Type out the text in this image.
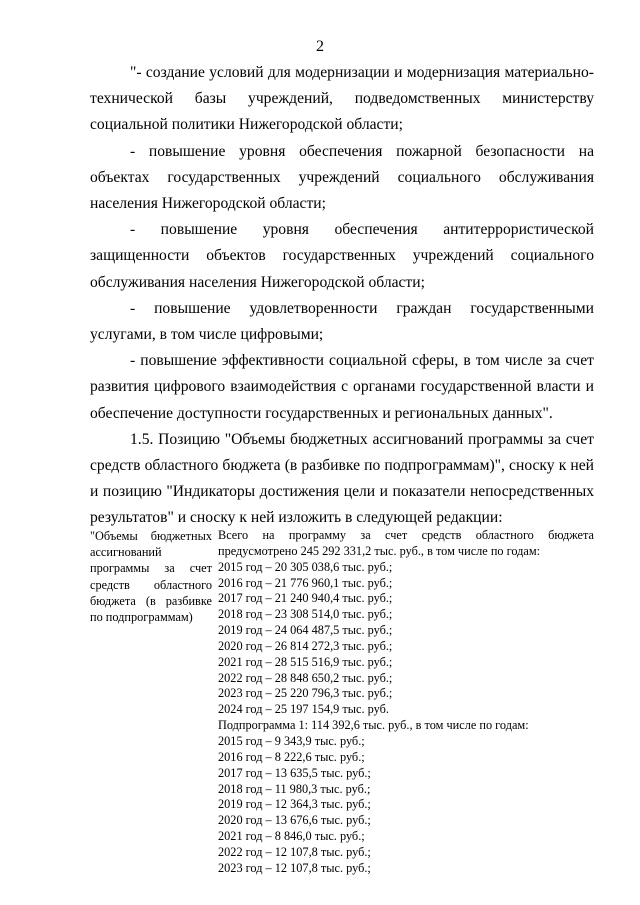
2

"- создание условий для модернизации и модернизация материально-технической базы учреждений, подведомственных министерству социальной политики Нижегородской области;

- повышение уровня обеспечения пожарной безопасности на объектах государственных учреждений социального обслуживания населения Нижегородской области;

- повышение уровня обеспечения антитеррористической защищенности объектов государственных учреждений социального обслуживания населения Нижегородской области;

- повышение удовлетворенности граждан государственными услугами, в том числе цифровыми;

- повышение эффективности социальной сферы, в том числе за счет развития цифрового взаимодействия с органами государственной власти и обеспечение доступности государственных и региональных данных".

1.5. Позицию "Объемы бюджетных ассигнований программы за счет средств областного бюджета (в разбивке по подпрограммам)", сноску к ней и позицию "Индикаторы достижения цели и показатели непосредственных результатов" и сноску к ней изложить в следующей редакции:

"Объемы бюджетных ассигнований программы за счет средств областного бюджета (в разбивке по подпрограммам)
Всего на программу за счет средств областного бюджета предусмотрено 245 292 331,2 тыс. руб., в том числе по годам:
2015 год – 20 305 038,6 тыс. руб.;
2016 год – 21 776 960,1 тыс. руб.;
2017 год – 21 240 940,4 тыс. руб.;
2018 год – 23 308 514,0 тыс. руб.;
2019 год – 24 064 487,5 тыс. руб.;
2020 год – 26 814 272,3 тыс. руб.;
2021 год – 28 515 516,9 тыс. руб.;
2022 год – 28 848 650,2 тыс. руб.;
2023 год – 25 220 796,3 тыс. руб.;
2024 год – 25 197 154,9 тыс. руб.
Подпрограмма 1: 114 392,6 тыс. руб., в том числе по годам:
2015 год – 9 343,9 тыс. руб.;
2016 год – 8 222,6 тыс. руб.;
2017 год – 13 635,5 тыс. руб.;
2018 год – 11 980,3 тыс. руб.;
2019 год – 12 364,3 тыс. руб.;
2020 год – 13 676,6 тыс. руб.;
2021 год – 8 846,0 тыс. руб.;
2022 год – 12 107,8 тыс. руб.;
2023 год – 12 107,8 тыс. руб.;
